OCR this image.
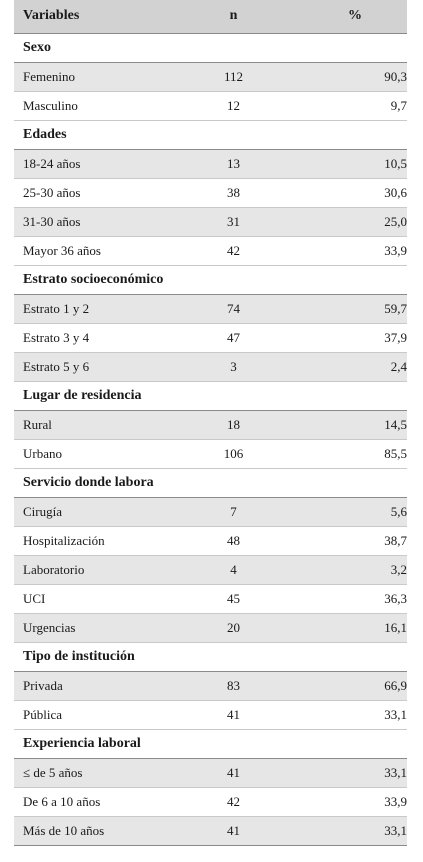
Variables	n	%
Sexo		
Femenino	112	90,3
Masculino	12	9,7
Edades		
18-24 años	13	10,5
25-30 años	38	30,6
31-30 años	31	25,0
Mayor 36 años	42	33,9
Estrato socioeconómico		
Estrato 1 y 2	74	59,7
Estrato 3 y 4	47	37,9
Estrato 5 y 6	3	2,4
Lugar de residencia		
Rural	18	14,5
Urbano	106	85,5
Servicio donde labora		
Cirugía	7	5,6
Hospitalización	48	38,7
Laboratorio	4	3,2
UCI	45	36,3
Urgencias	20	16,1
Tipo de institución		
Privada	83	66,9
Pública	41	33,1
Experiencia laboral		
≤ de 5 años	41	33,1
De 6 a 10 años	42	33,9
Más de 10 años	41	33,1
